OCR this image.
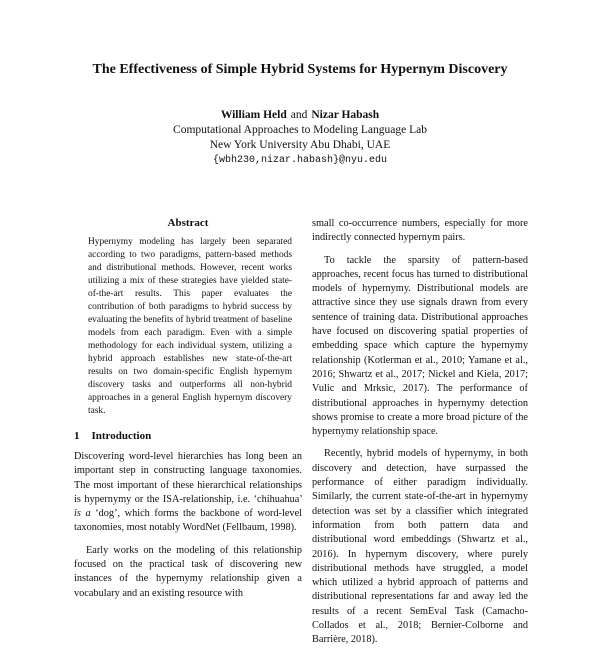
The Effectiveness of Simple Hybrid Systems for Hypernym Discovery
William Held and Nizar Habash
Computational Approaches to Modeling Language Lab
New York University Abu Dhabi, UAE
{wbh230,nizar.habash}@nyu.edu
Abstract
Hypernymy modeling has largely been separated according to two paradigms, pattern-based methods and distributional methods. However, recent works utilizing a mix of these strategies have yielded state-of-the-art results. This paper evaluates the contribution of both paradigms to hybrid success by evaluating the benefits of hybrid treatment of baseline models from each paradigm. Even with a simple methodology for each individual system, utilizing a hybrid approach establishes new state-of-the-art results on two domain-specific English hypernym discovery tasks and outperforms all non-hybrid approaches in a general English hypernym discovery task.
1 Introduction

Discovering word-level hierarchies has long been an important step in constructing language taxonomies. The most important of these hierarchical relationships is hypernymy or the ISA-relationship, i.e. ‘chihuahua’ is a ‘dog’, which forms the backbone of word-level taxonomies, most notably WordNet (Fellbaum, 1998).

Early works on the modeling of this relationship focused on the practical task of discovering new instances of the hypernymy relationship given a vocabulary and an existing resource with

small co-occurrence numbers, especially for more indirectly connected hypernym pairs.

To tackle the sparsity of pattern-based approaches, recent focus has turned to distributional models of hypernymy. Distributional models are attractive since they use signals drawn from every sentence of training data. Distributional approaches have focused on discovering spatial properties of embedding space which capture the hypernymy relationship (Kotlerman et al., 2010; Yamane et al., 2016; Shwartz et al., 2017; Nickel and Kiela, 2017; Vulic and Mrksic, 2017). The performance of distributional approaches in hypernymy detection shows promise to create a more broad picture of the hypernymy relationship space.

Recently, hybrid models of hypernymy, in both discovery and detection, have surpassed the performance of either paradigm individually. Similarly, the current state-of-the-art in hypernymy detection was set by a classifier which integrated information from both pattern data and distributional word embeddings (Shwartz et al., 2016). In hypernym discovery, where purely distributional methods have struggled, a model which utilized a hybrid approach of patterns and distributional representations far and away led the results of a recent SemEval Task (Camacho-Collados et al., 2018; Bernier-Colborne and Barrière, 2018).
